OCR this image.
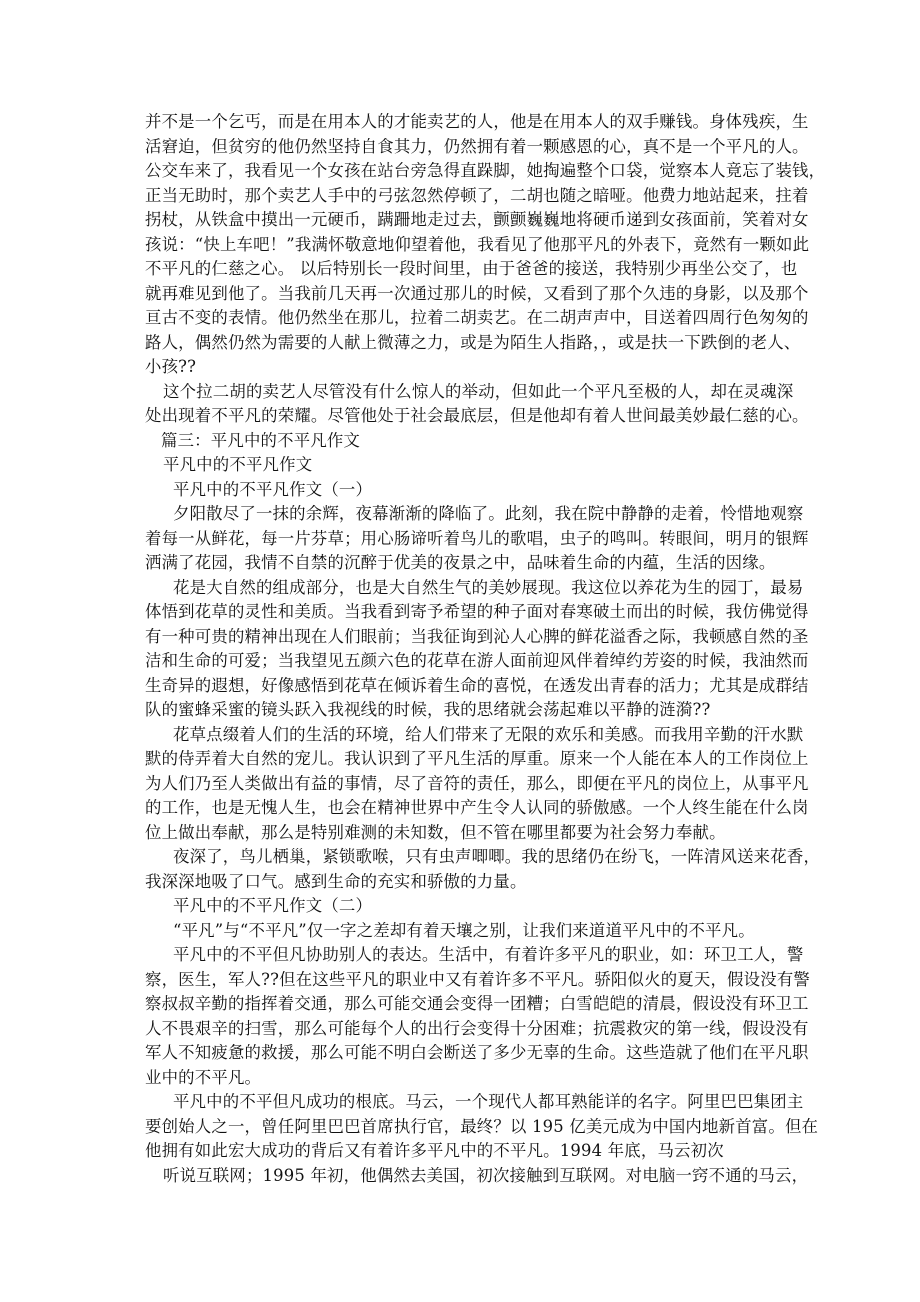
并不是一个乞丐，而是在用本人的才能卖艺的人，他是在用本人的双手赚钱。身体残疾，生
活窘迫，但贫穷的他仍然坚持自食其力，仍然拥有着一颗感恩的心，真不是一个平凡的人。
公交车来了，我看见一个女孩在站台旁急得直跺脚，她掏遍整个口袋，觉察本人竟忘了装钱，
正当无助时，那个卖艺人手中的弓弦忽然停顿了，二胡也随之暗哑。他费力地站起来，拄着
拐杖，从铁盒中摸出一元硬币，蹒跚地走过去，颤颤巍巍地将硬币递到女孩面前，笑着对女
孩说：“快上车吧！”我满怀敬意地仰望着他，我看见了他那平凡的外表下，竟然有一颗如此
不平凡的仁慈之心。 以后特别长一段时间里，由于爸爸的接送，我特别少再坐公交了，也
就再难见到他了。当我前几天再一次通过那儿的时候，又看到了那个久违的身影，以及那个
亘古不变的表情。他仍然坐在那儿，拉着二胡卖艺。在二胡声声中，目送着四周行色匆匆的
路人，偶然仍然为需要的人献上微薄之力，或是为陌生人指路，，或是扶一下跌倒的老人、
小孩??
这个拉二胡的卖艺人尽管没有什么惊人的举动，但如此一个平凡至极的人，却在灵魂深
处出现着不平凡的荣耀。尽管他处于社会最底层，但是他却有着人世间最美妙最仁慈的心。
篇三：平凡中的不平凡作文
平凡中的不平凡作文
平凡中的不平凡作文（一）
夕阳散尽了一抹的余辉，夜幕渐渐的降临了。此刻，我在院中静静的走着，怜惜地观察
着每一从鲜花，每一片芬草；用心肠谛听着鸟儿的歌唱，虫子的鸣叫。转眼间，明月的银辉
洒满了花园，我情不自禁的沉醉于优美的夜景之中，品味着生命的内蕴，生活的因缘。
花是大自然的组成部分，也是大自然生气的美妙展现。我这位以养花为生的园丁，最易
体悟到花草的灵性和美质。当我看到寄予希望的种子面对春寒破土而出的时候，我仿佛觉得
有一种可贵的精神出现在人们眼前；当我征询到沁人心脾的鲜花溢香之际，我顿感自然的圣
洁和生命的可爱；当我望见五颜六色的花草在游人面前迎风伴着绰约芳姿的时候，我油然而
生奇异的遐想，好像感悟到花草在倾诉着生命的喜悦，在透发出青春的活力；尤其是成群结
队的蜜蜂采蜜的镜头跃入我视线的时候，我的思绪就会荡起难以平静的涟漪??
花草点缀着人们的生活的环境，给人们带来了无限的欢乐和美感。而我用辛勤的汗水默
默的侍弄着大自然的宠儿。我认识到了平凡生活的厚重。原来一个人能在本人的工作岗位上
为人们乃至人类做出有益的事情，尽了音符的责任，那么，即便在平凡的岗位上，从事平凡
的工作，也是无愧人生，也会在精神世界中产生令人认同的骄傲感。一个人终生能在什么岗
位上做出奉献，那么是特别难测的未知数，但不管在哪里都要为社会努力奉献。
夜深了，鸟儿栖巢，紧锁歌喉，只有虫声唧唧。我的思绪仍在纷飞，一阵清风送来花香，
我深深地吸了口气。感到生命的充实和骄傲的力量。
平凡中的不平凡作文（二）
“平凡”与“不平凡”仅一字之差却有着天壤之别，让我们来道道平凡中的不平凡。
平凡中的不平但凡协助别人的表达。生活中，有着许多平凡的职业，如：环卫工人，警
察，医生，军人??但在这些平凡的职业中又有着许多不平凡。骄阳似火的夏天，假设没有警
察叔叔辛勤的指挥着交通，那么可能交通会变得一团糟；白雪皑皑的清晨，假设没有环卫工
人不畏艰辛的扫雪，那么可能每个人的出行会变得十分困难；抗震救灾的第一线，假设没有
军人不知疲惫的救援，那么可能不明白会断送了多少无辜的生命。这些造就了他们在平凡职
业中的不平凡。
平凡中的不平但凡成功的根底。马云，一个现代人都耳熟能详的名字。阿里巴巴集团主
要创始人之一，曾任阿里巴巴首席执行官，最终？以 195 亿美元成为中国内地新首富。但在
他拥有如此宏大成功的背后又有着许多平凡中的不平凡。1994 年底，马云初次
听说互联网；1995 年初，他偶然去美国，初次接触到互联网。对电脑一窍不通的马云，
